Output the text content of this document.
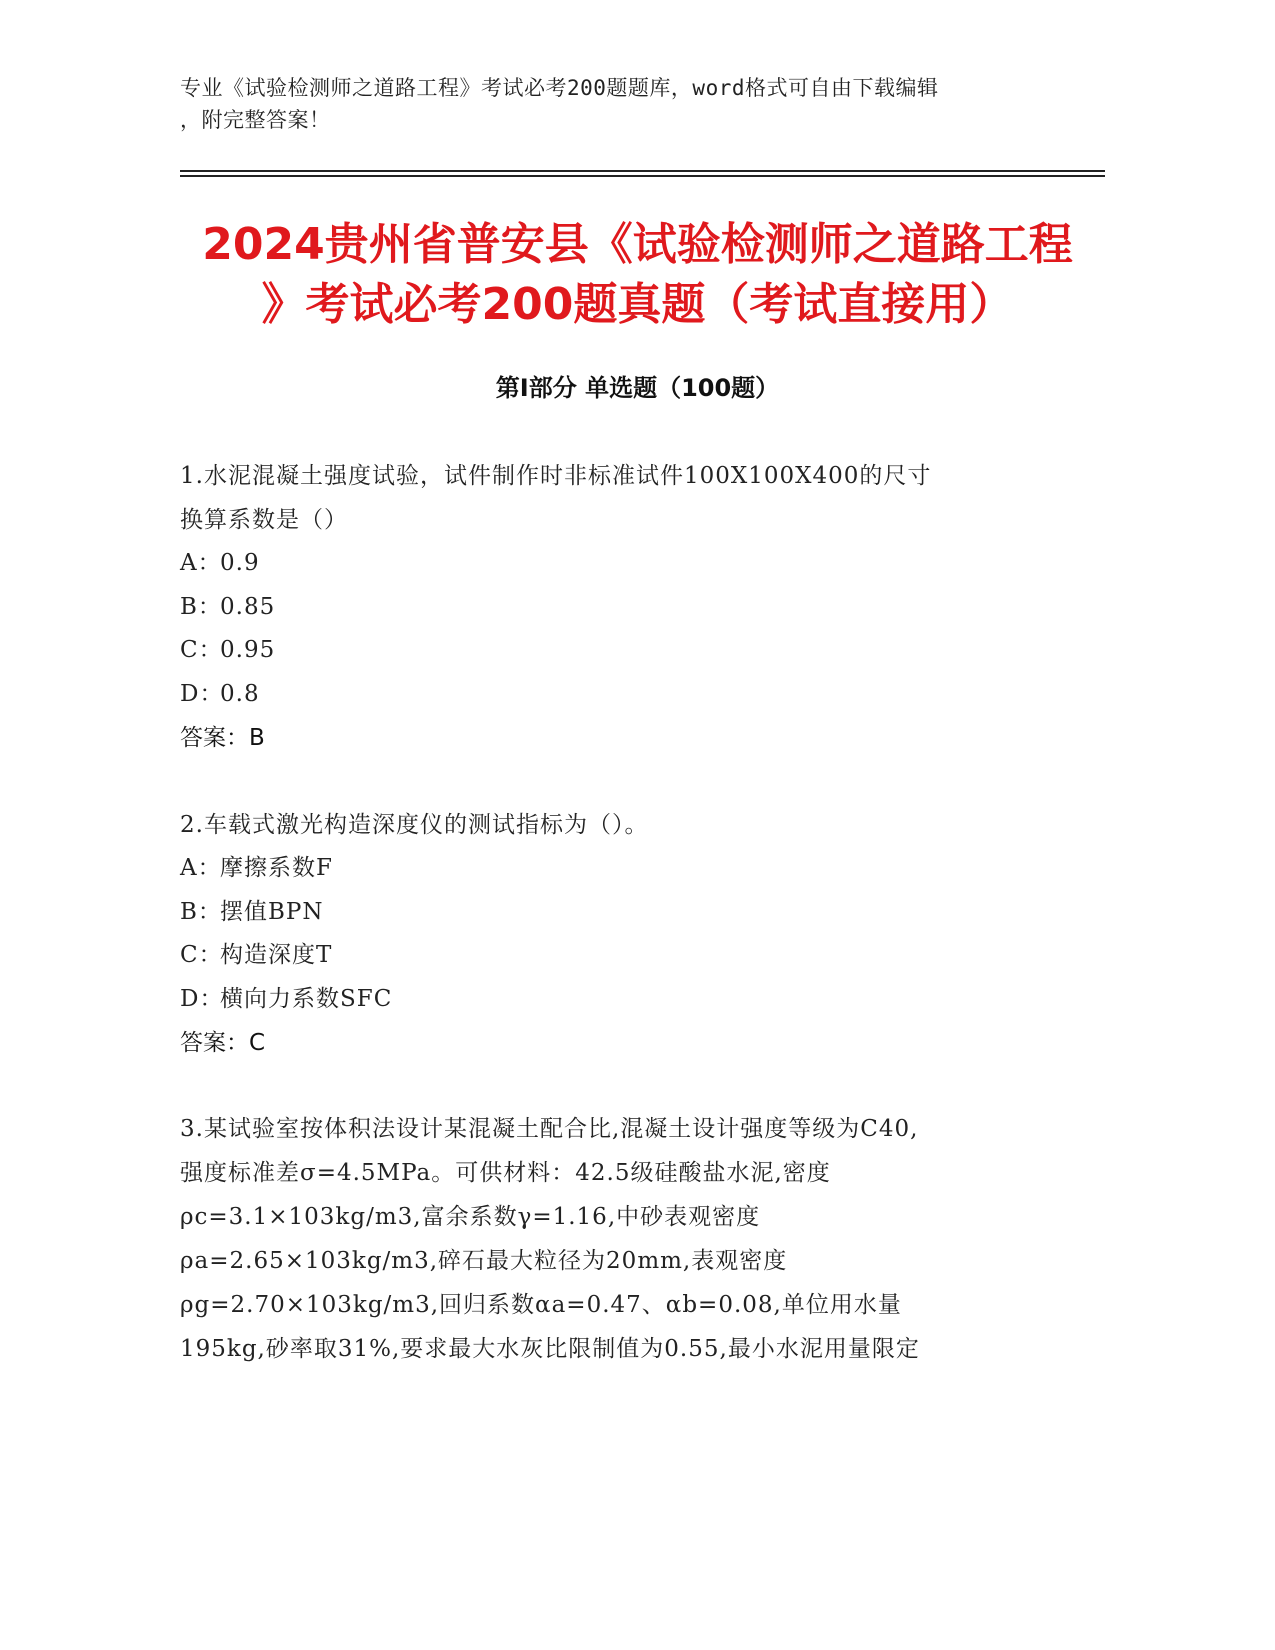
专业《试验检测师之道路工程》考试必考200题题库，word格式可自由下载编辑
，附完整答案！
2024贵州省普安县《试验检测师之道路工程
》考试必考200题真题（考试直接用）
第Ⅰ部分 单选题（100题）
1.水泥混凝土强度试验，试件制作时非标准试件100X100X400的尺寸
换算系数是（）
A：0.9
B：0.85
C：0.95
D：0.8
答案：B
2.车载式激光构造深度仪的测试指标为（）。
A：摩擦系数F
B：摆值BPN
C：构造深度T
D：横向力系数SFC
答案：C
3.某试验室按体积法设计某混凝土配合比,混凝土设计强度等级为C40,
强度标准差σ=4.5MPa。可供材料：42.5级硅酸盐水泥,密度
ρc=3.1×103kg/m3,富余系数γ=1.16,中砂表观密度
ρa=2.65×103kg/m3,碎石最大粒径为20mm,表观密度
ρg=2.70×103kg/m3,回归系数αa=0.47、αb=0.08,单位用水量
195kg,砂率取31%,要求最大水灰比限制值为0.55,最小水泥用量限定
